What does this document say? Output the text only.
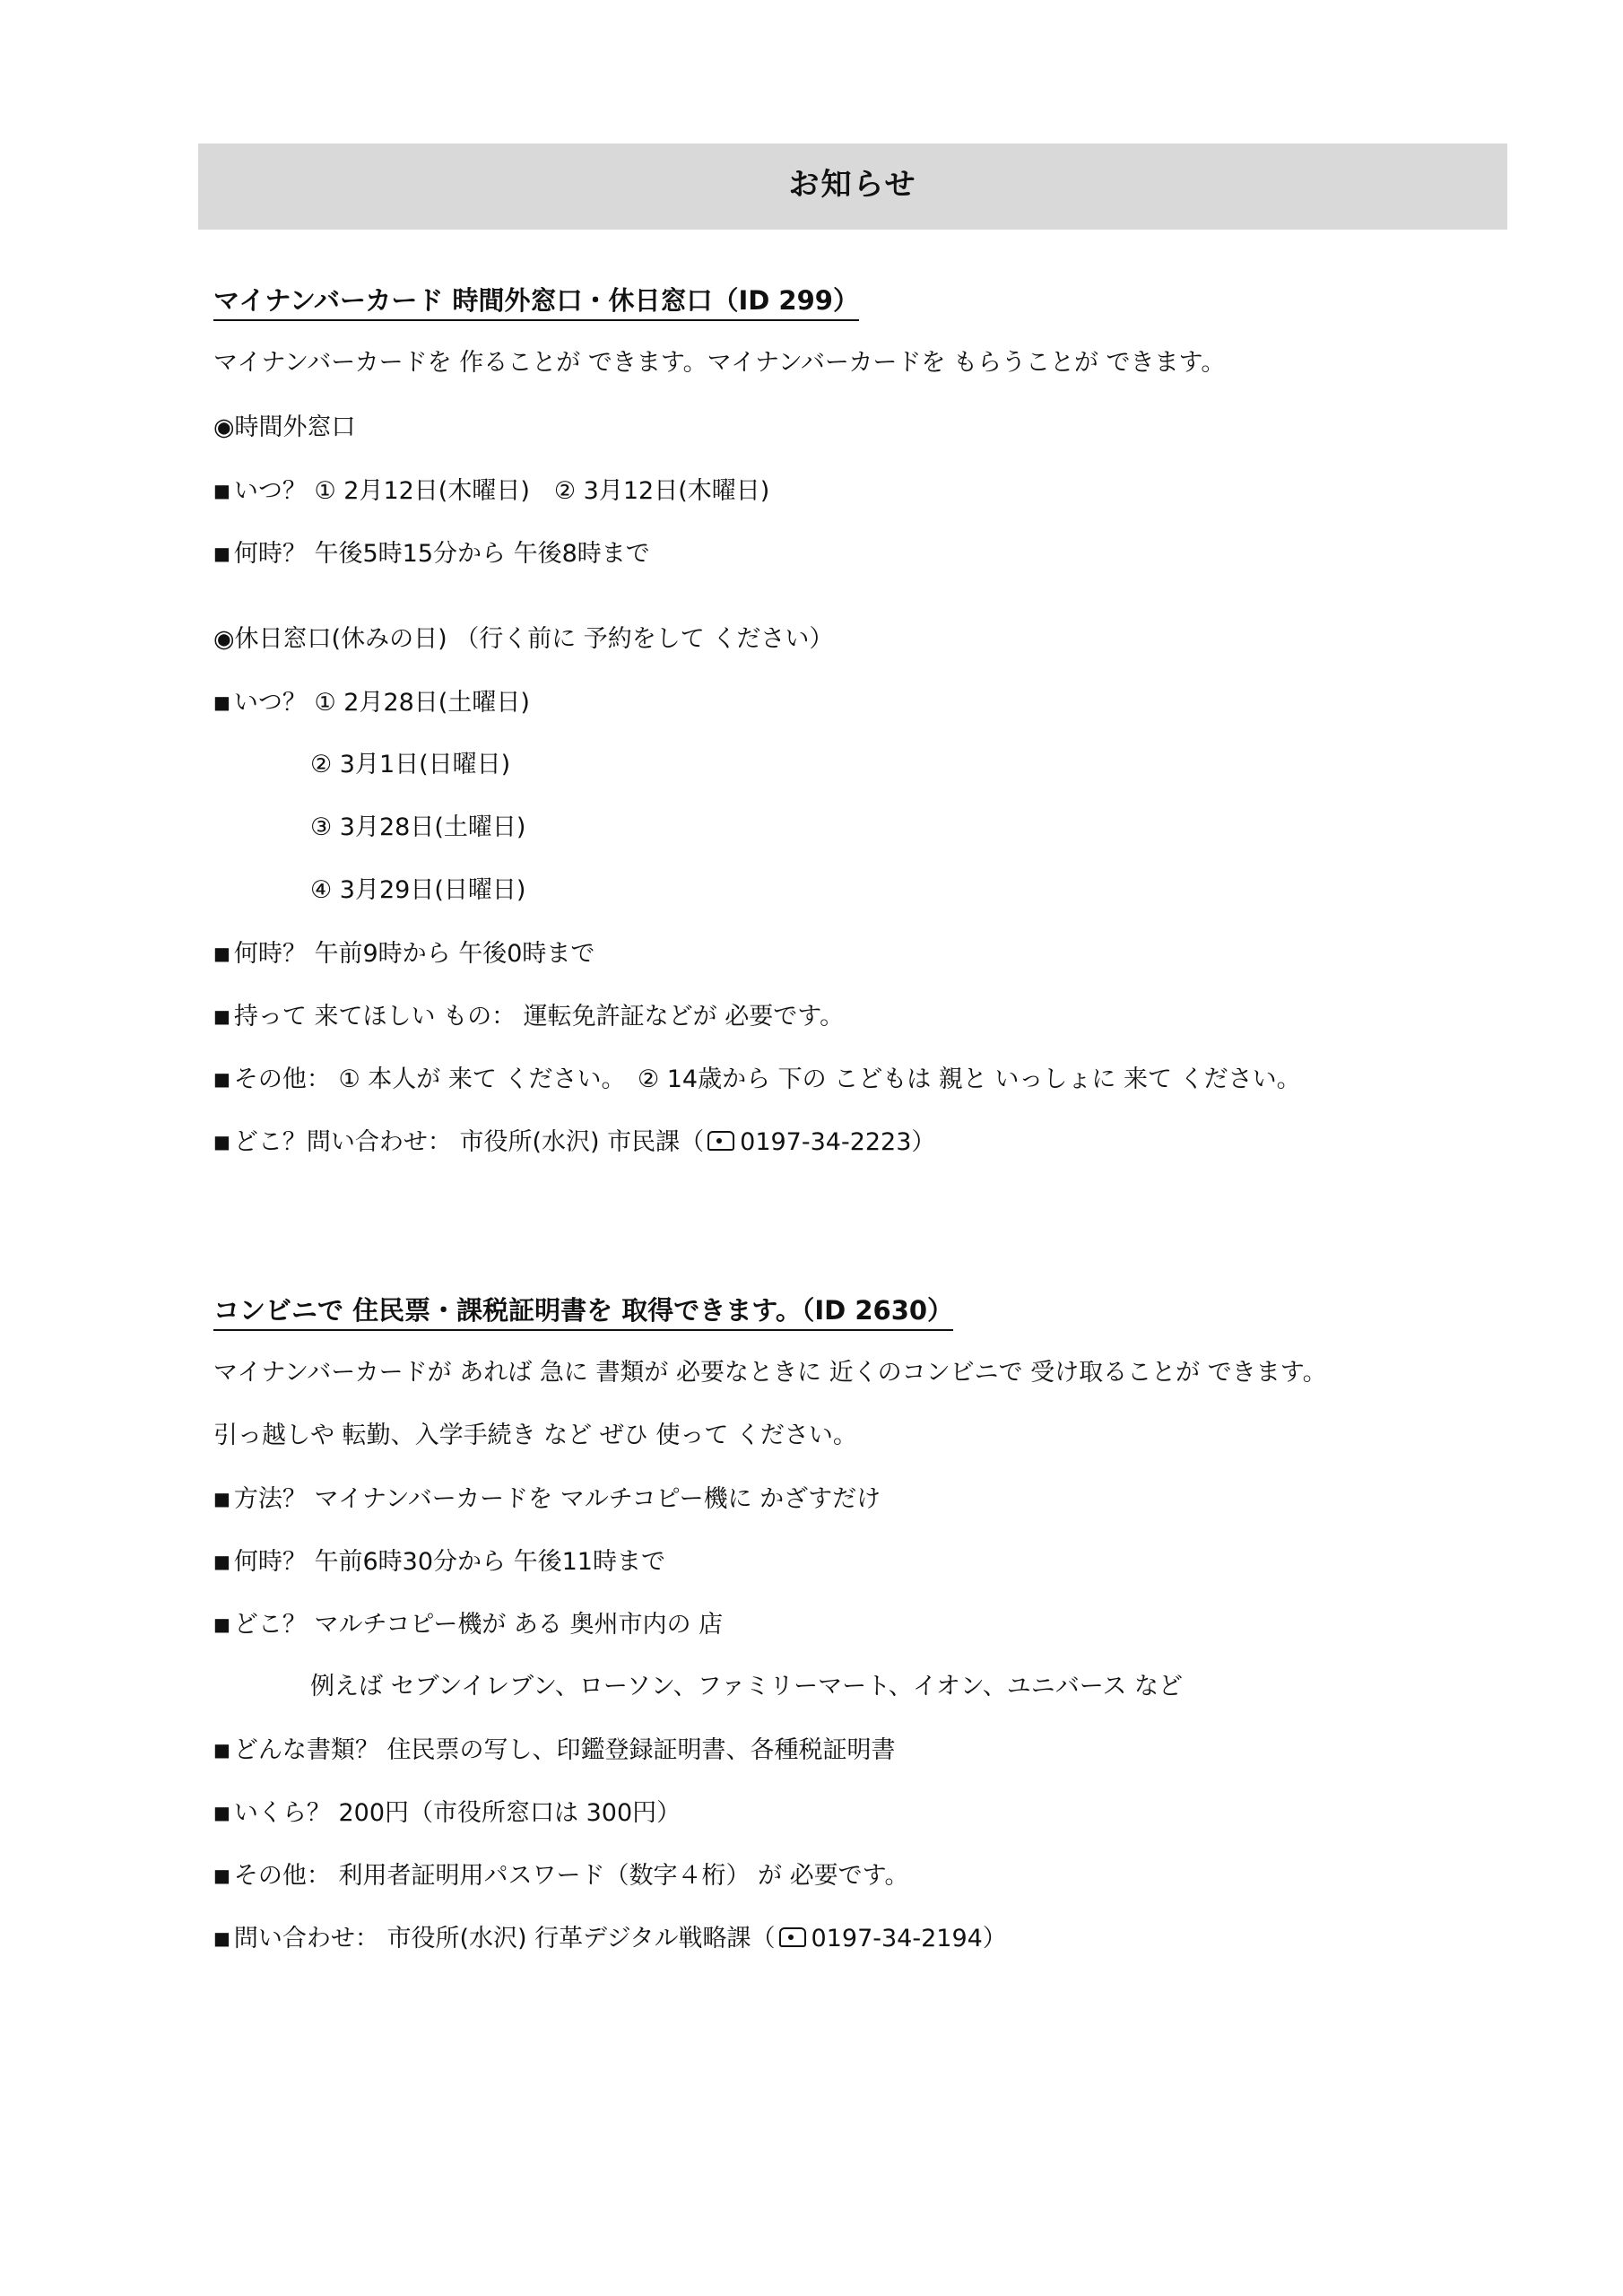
お知らせ
マイナンバーカード 時間外窓口・休日窓口（ID 299）
マイナンバーカードを 作ることが できます。マイナンバーカードを もらうことが できます。
◉時間外窓口
■ いつ？ ① 2月12日(木曜日)　② 3月12日(木曜日)
■ 何時？ 午後5時15分から 午後8時まで
◉休日窓口(休みの日) （行く前に 予約をして ください）
■ いつ？ ① 2月28日(土曜日)
② 3月1日(日曜日)
③ 3月28日(土曜日)
④ 3月29日(日曜日)
■ 何時？ 午前9時から 午後0時まで
■ 持って 来てほしい もの： 運転免許証などが 必要です。
■ その他： ① 本人が 来て ください。　② 14歳から 下の こどもは 親と いっしょに 来て ください。
■ どこ？問い合わせ： 市役所(水沢) 市民課（ 0197-34-2223）
コンビニで 住民票・課税証明書を 取得できます。（ID 2630）
マイナンバーカードが あれば 急に 書類が 必要なときに 近くのコンビニで 受け取ることが できます。
引っ越しや 転勤、入学手続き など ぜひ 使って ください。
■ 方法？ マイナンバーカードを マルチコピー機に かざすだけ
■ 何時？ 午前6時30分から 午後11時まで
■ どこ？ マルチコピー機が ある 奥州市内の 店
例えば セブンイレブン、ローソン、ファミリーマート、イオン、ユニバース など
■ どんな書類？ 住民票の写し、印鑑登録証明書、各種税証明書
■ いくら？ 200円（市役所窓口は 300円）
■ その他： 利用者証明用パスワード（数字４桁） が 必要です。
■ 問い合わせ： 市役所(水沢) 行革デジタル戦略課（ 0197-34-2194）
